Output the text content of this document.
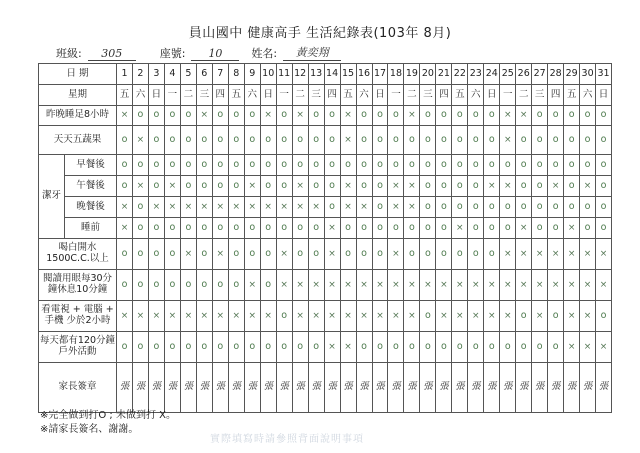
員山國中 健康高手 生活紀錄表(103年 8月)
班級:	305	座號:	10	姓名:	黃奕翔
日 期		1	2	3	4	5	6	7	8	9	10	11	12	13	14	15	16	17	18	19	20	21	22	23	24	25	26	27	28	29	30	31
星期		五	六	日	一	二	三	四	五	六	日	一	二	三	四	五	六	日	一	二	三	四	五	六	日	一	二	三	四	五	六	日
昨晚睡足8小時		×	o	o	o	o	×	o	o	o	×	o	×	o	o	×	o	o	o	×	o	o	o	o	o	×	×	o	o	o	o	o
天天五蔬果		o	×	o	o	o	o	o	o	o	o	o	o	o	o	×	o	o	o	o	o	o	o	o	o	×	o	o	o	o	o	o
潔牙	早餐後	o	o	o	o	o	o	o	o	o	o	o	o	o	o	o	o	o	o	o	o	o	o	o	o	o	o	o	o	o	o	o
	午餐後	o	×	o	×	o	o	o	o	×	o	o	×	o	o	×	o	o	×	×	o	o	o	o	×	×	o	o	×	o	×	o
	晚餐後	×	o	×	×	×	×	×	×	×	×	×	×	×	o	×	×	o	×	×	o	o	o	o	o	o	o	o	o	o	o	o
	睡前	×	o	o	o	o	o	o	o	o	o	o	o	o	×	o	o	o	o	o	o	o	×	o	o	o	×	o	o	×	o	o
喝白開水 1500C.C.以上		o	o	o	o	×	o	×	o	o	o	×	o	o	×	o	o	o	×	o	o	o	o	o	o	×	×	×	×	×	×	×
閱讀用眼每30分 鐘休息10分鐘		o	o	o	o	o	o	o	o	×	o	×	×	×	×	×	×	×	×	×	×	×	×	×	×	×	×	×	×	×	×	×
看電視 + 電腦 + 手機 少於2小時		×	×	×	×	×	×	×	×	×	×	o	×	×	×	×	×	×	×	×	o	×	×	×	×	×	o	×	o	×	×	o
每天都有120分鐘 戶外活動		o	o	o	o	o	o	o	o	o	o	o	o	o	×	×	o	o	o	o	o	o	o	o	o	o	o	o	o	×	×	×
家長簽章		張	張	張	張	張	張	張	張	張	張	張	張	張	張	張	張	張	張	張	張	張	張	張	張	張	張	張	張	張	張	張
※完全做到打O ; 未做到打 X。
※請家長簽名、謝謝。
實際填寫時請參照背面說明事項
